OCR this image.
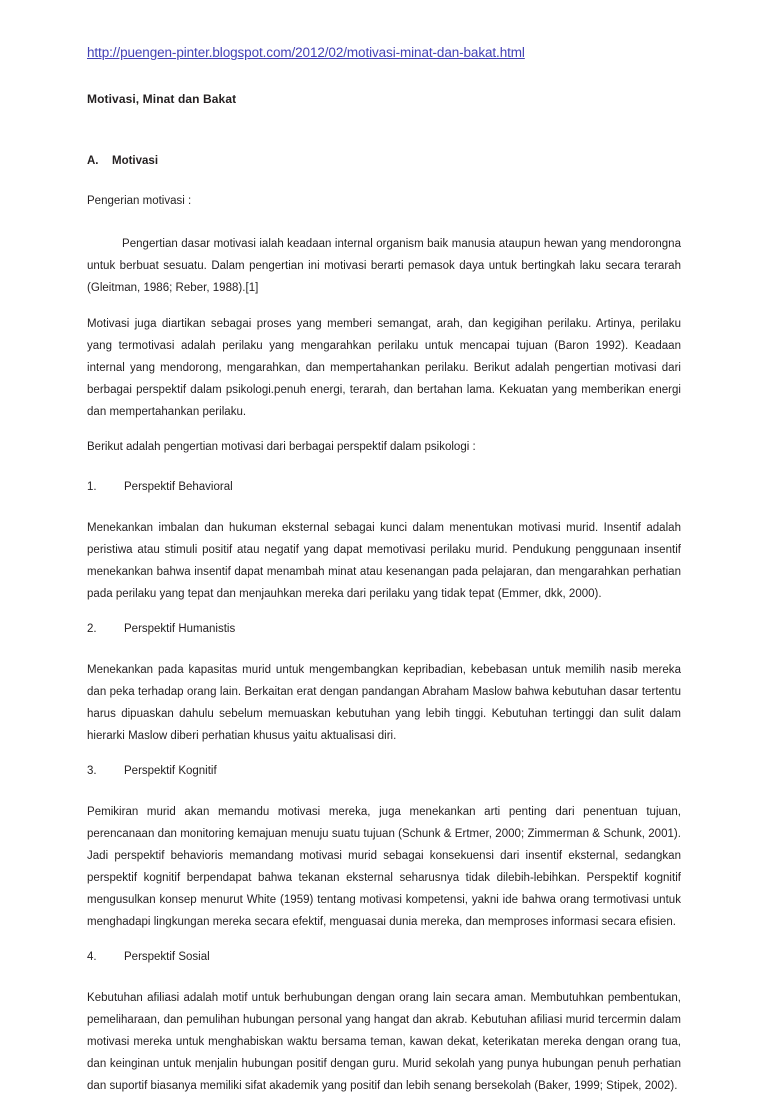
http://puengen-pinter.blogspot.com/2012/02/motivasi-minat-dan-bakat.html
Motivasi, Minat dan Bakat
A. Motivasi
Pengerian motivasi :

Pengertian dasar motivasi ialah keadaan internal organism baik manusia ataupun hewan yang mendorongna untuk berbuat sesuatu. Dalam pengertian ini motivasi berarti pemasok daya untuk bertingkah laku secara terarah (Gleitman, 1986; Reber, 1988).[1]

Motivasi juga diartikan sebagai proses yang memberi semangat, arah, dan kegigihan perilaku. Artinya, perilaku yang termotivasi adalah perilaku yang mengarahkan perilaku untuk mencapai tujuan (Baron 1992). Keadaan internal yang mendorong, mengarahkan, dan mempertahankan perilaku. Berikut adalah pengertian motivasi dari berbagai perspektif dalam psikologi.penuh energi, terarah, dan bertahan lama. Kekuatan yang memberikan energi dan mempertahankan perilaku.

Berikut adalah pengertian motivasi dari berbagai perspektif dalam psikologi :
1. Perspektif Behavioral

Menekankan imbalan dan hukuman eksternal sebagai kunci dalam menentukan motivasi murid. Insentif adalah peristiwa atau stimuli positif atau negatif yang dapat memotivasi perilaku murid. Pendukung penggunaan insentif menekankan bahwa insentif dapat menambah minat atau kesenangan pada pelajaran, dan mengarahkan perhatian pada perilaku yang tepat dan menjauhkan mereka dari perilaku yang tidak tepat (Emmer, dkk, 2000).

2. Perspektif Humanistis

Menekankan pada kapasitas murid untuk mengembangkan kepribadian, kebebasan untuk memilih nasib mereka dan peka terhadap orang lain. Berkaitan erat dengan pandangan Abraham Maslow bahwa kebutuhan dasar tertentu harus dipuaskan dahulu sebelum memuaskan kebutuhan yang lebih tinggi. Kebutuhan tertinggi dan sulit dalam hierarki Maslow diberi perhatian khusus yaitu aktualisasi diri.

3. Perspektif Kognitif

Pemikiran murid akan memandu motivasi mereka, juga menekankan arti penting dari penentuan tujuan, perencanaan dan monitoring kemajuan menuju suatu tujuan (Schunk & Ertmer, 2000; Zimmerman & Schunk, 2001). Jadi perspektif behavioris memandang motivasi murid sebagai konsekuensi dari insentif eksternal, sedangkan perspektif kognitif berpendapat bahwa tekanan eksternal seharusnya tidak dilebih-lebihkan. Perspektif kognitif mengusulkan konsep menurut White (1959) tentang motivasi kompetensi, yakni ide bahwa orang termotivasi untuk menghadapi lingkungan mereka secara efektif, menguasai dunia mereka, dan memproses informasi secara efisien.

4. Perspektif Sosial

Kebutuhan afiliasi adalah motif untuk berhubungan dengan orang lain secara aman. Membutuhkan pembentukan, pemeliharaan, dan pemulihan hubungan personal yang hangat dan akrab. Kebutuhan afiliasi murid tercermin dalam motivasi mereka untuk menghabiskan waktu bersama teman, kawan dekat, keterikatan mereka dengan orang tua, dan keinginan untuk menjalin hubungan positif dengan guru. Murid sekolah yang punya hubungan penuh perhatian dan suportif biasanya memiliki sifat akademik yang positif dan lebih senang bersekolah (Baker, 1999; Stipek, 2002).
